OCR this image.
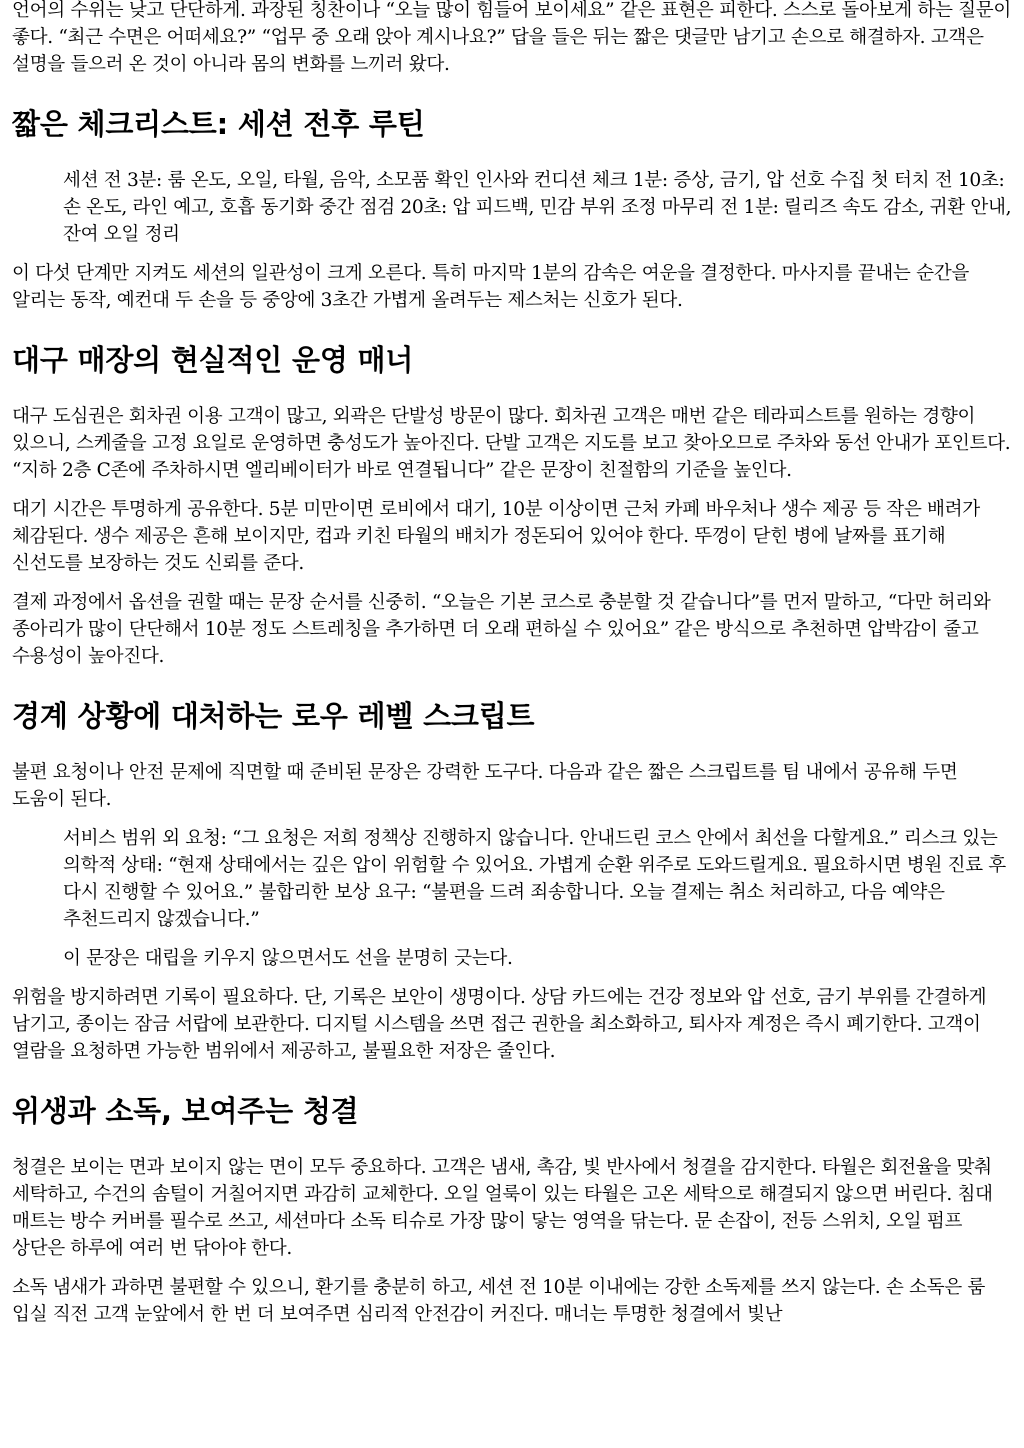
언어의 수위는 낮고 단단하게. 과장된 칭찬이나 “오늘 많이 힘들어 보이세요” 같은 표현은 피한다. 스스로 돌아보게 하는 질문이 좋다. “최근 수면은 어떠세요?” “업무 중 오래 앉아 계시나요?” 답을 들은 뒤는 짧은 댓글만 남기고 손으로 해결하자. 고객은 설명을 들으러 온 것이 아니라 몸의 변화를 느끼러 왔다.

짧은 체크리스트: 세션 전후 루틴

세션 전 3분: 룸 온도, 오일, 타월, 음악, 소모품 확인 인사와 컨디션 체크 1분: 증상, 금기, 압 선호 수집 첫 터치 전 10초: 손 온도, 라인 예고, 호흡 동기화 중간 점검 20초: 압 피드백, 민감 부위 조정 마무리 전 1분: 릴리즈 속도 감소, 귀환 안내, 잔여 오일 정리

이 다섯 단계만 지켜도 세션의 일관성이 크게 오른다. 특히 마지막 1분의 감속은 여운을 결정한다. 마사지를 끝내는 순간을 알리는 동작, 예컨대 두 손을 등 중앙에 3초간 가볍게 올려두는 제스처는 신호가 된다.

대구 매장의 현실적인 운영 매너

대구 도심권은 회차권 이용 고객이 많고, 외곽은 단발성 방문이 많다. 회차권 고객은 매번 같은 테라피스트를 원하는 경향이 있으니, 스케줄을 고정 요일로 운영하면 충성도가 높아진다. 단발 고객은 지도를 보고 찾아오므로 주차와 동선 안내가 포인트다. “지하 2층 C존에 주차하시면 엘리베이터가 바로 연결됩니다” 같은 문장이 친절함의 기준을 높인다.

대기 시간은 투명하게 공유한다. 5분 미만이면 로비에서 대기, 10분 이상이면 근처 카페 바우처나 생수 제공 등 작은 배려가 체감된다. 생수 제공은 흔해 보이지만, 컵과 키친 타월의 배치가 정돈되어 있어야 한다. 뚜껑이 닫힌 병에 날짜를 표기해 신선도를 보장하는 것도 신뢰를 준다.

결제 과정에서 옵션을 권할 때는 문장 순서를 신중히. “오늘은 기본 코스로 충분할 것 같습니다”를 먼저 말하고, “다만 허리와 종아리가 많이 단단해서 10분 정도 스트레칭을 추가하면 더 오래 편하실 수 있어요” 같은 방식으로 추천하면 압박감이 줄고 수용성이 높아진다.

경계 상황에 대처하는 로우 레벨 스크립트

불편 요청이나 안전 문제에 직면할 때 준비된 문장은 강력한 도구다. 다음과 같은 짧은 스크립트를 팀 내에서 공유해 두면 도움이 된다.

서비스 범위 외 요청: “그 요청은 저희 정책상 진행하지 않습니다. 안내드린 코스 안에서 최선을 다할게요.” 리스크 있는 의학적 상태: “현재 상태에서는 깊은 압이 위험할 수 있어요. 가볍게 순환 위주로 도와드릴게요. 필요하시면 병원 진료 후 다시 진행할 수 있어요.” 불합리한 보상 요구: “불편을 드려 죄송합니다. 오늘 결제는 취소 처리하고, 다음 예약은 추천드리지 않겠습니다.”

이 문장은 대립을 키우지 않으면서도 선을 분명히 긋는다.

위험을 방지하려면 기록이 필요하다. 단, 기록은 보안이 생명이다. 상담 카드에는 건강 정보와 압 선호, 금기 부위를 간결하게 남기고, 종이는 잠금 서랍에 보관한다. 디지털 시스템을 쓰면 접근 권한을 최소화하고, 퇴사자 계정은 즉시 폐기한다. 고객이 열람을 요청하면 가능한 범위에서 제공하고, 불필요한 저장은 줄인다.

위생과 소독, 보여주는 청결

청결은 보이는 면과 보이지 않는 면이 모두 중요하다. 고객은 냄새, 촉감, 빛 반사에서 청결을 감지한다. 타월은 회전율을 맞춰 세탁하고, 수건의 솜털이 거칠어지면 과감히 교체한다. 오일 얼룩이 있는 타월은 고온 세탁으로 해결되지 않으면 버린다. 침대 매트는 방수 커버를 필수로 쓰고, 세션마다 소독 티슈로 가장 많이 닿는 영역을 닦는다. 문 손잡이, 전등 스위치, 오일 펌프 상단은 하루에 여러 번 닦아야 한다.

소독 냄새가 과하면 불편할 수 있으니, 환기를 충분히 하고, 세션 전 10분 이내에는 강한 소독제를 쓰지 않는다. 손 소독은 룸 입실 직전 고객 눈앞에서 한 번 더 보여주면 심리적 안전감이 커진다. 매너는 투명한 청결에서 빛난
